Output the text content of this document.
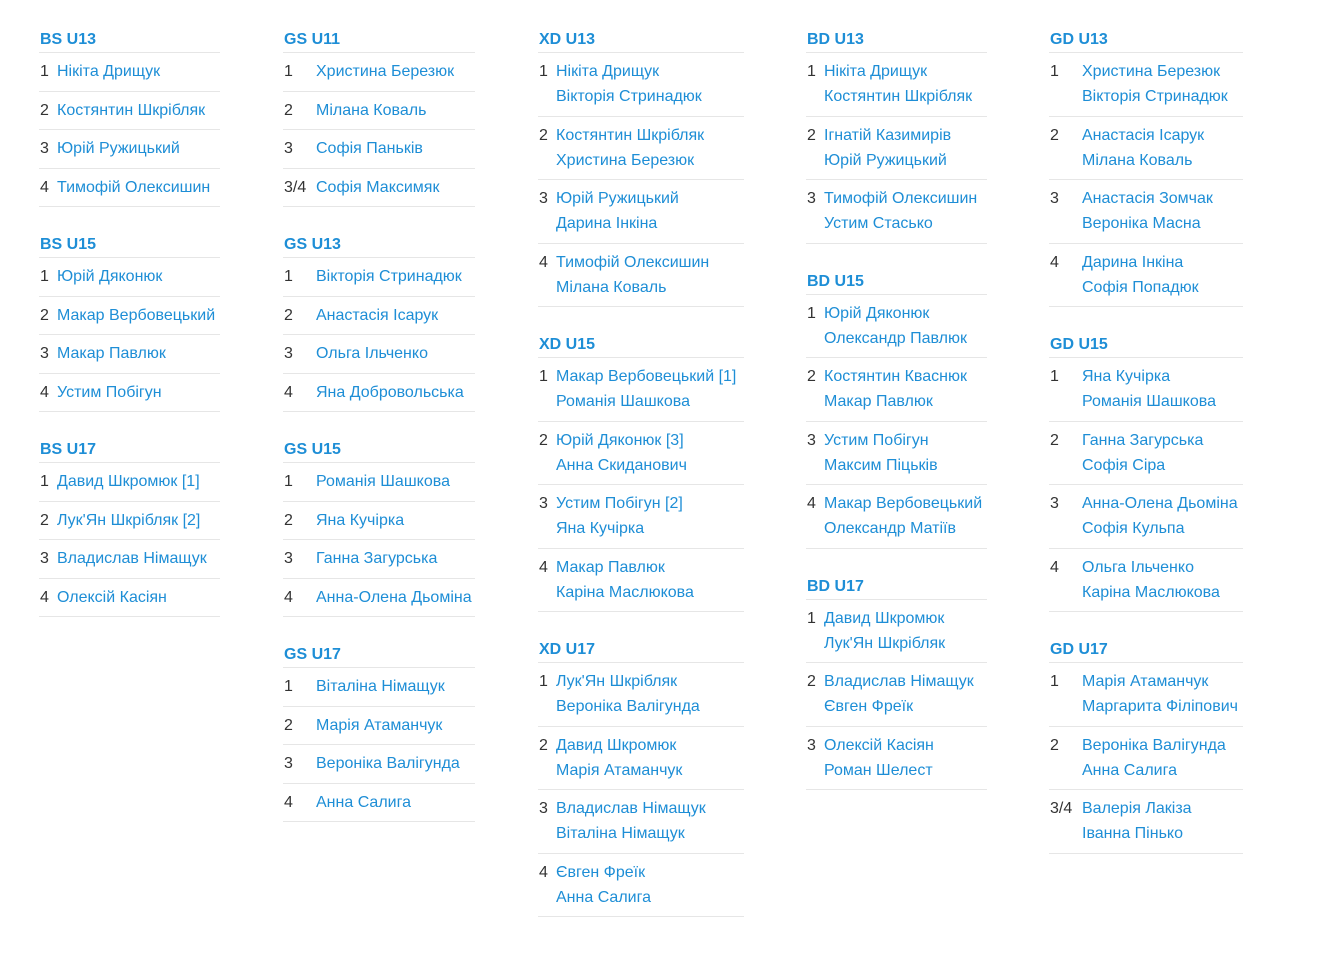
BS U13
1 Нікіта Дрищук
2 Костянтин Шкрібляк
3 Юрій Ружицький
4 Тимофій Олексишин
BS U15
1 Юрій Дяконюк
2 Макар Вербовецький
3 Макар Павлюк
4 Устим Побігун
BS U17
1 Давид Шкромюк [1]
2 Лук'Ян Шкрібляк [2]
3 Владислав Німащук
4 Олексій Касіян
GS U11
1	Христина Березюк
2	Мілана Коваль
3	Софія Паньків
3/4 Софія Максимяк
GS U13
1	Вікторія Стринадюк
2	Анастасія Ісарук
3	Ольга Ільченко
4	Яна Добровольська
GS U15
1	Романія Шашкова
2	Яна Кучірка
3	Ганна Загурська
4	Анна-Олена Дьоміна
GS U17
1	Віталіна Німащук
2	Марія Атаманчук
3	Вероніка Валігунда
4	Анна Салига
XD U13
1 Нікіта Дрищук
Вікторія Стринадюк
2 Костянтин Шкрібляк
Христина Березюк
3 Юрій Ружицький
Дарина Інкіна
4 Тимофій Олексишин
Мілана Коваль
XD U15
1 Макар Вербовецький [1]
Романія Шашкова
2 Юрій Дяконюк [3]
Анна Скиданович
3 Устим Побігун [2]
Яна Кучірка
4 Макар Павлюк
Каріна Маслюкова
XD U17
1 Лук'Ян Шкрібляк
Вероніка Валігунда
2 Давид Шкромюк
Марія Атаманчук
3 Владислав Німащук
Віталіна Німащук
4 Євген Фреїк
Анна Салига
BD U13
1 Нікіта Дрищук
Костянтин Шкрібляк
2 Ігнатій Казимирів
Юрій Ружицький
3 Тимофій Олексишин
Устим Стасько
BD U15
1 Юрій Дяконюк
Олександр Павлюк
2 Костянтин Кваснюк
Макар Павлюк
3 Устим Побігун
Максим Піцьків
4 Макар Вербовецький
Олександр Матіїв
BD U17
1 Давид Шкромюк
Лук'Ян Шкрібляк
2 Владислав Німащук
Євген Фреїк
3 Олексій Касіян
Роман Шелест
GD U13
1	Христина Березюк
Вікторія Стринадюк
2	Анастасія Ісарук
Мілана Коваль
3	Анастасія Зомчак
Вероніка Масна
4	Дарина Інкіна
Софія Попадюк
GD U15
1	Яна Кучірка
Романія Шашкова
2	Ганна Загурська
Софія Сіра
3	Анна-Олена Дьоміна
Софія Кульпа
4	Ольга Ільченко
Каріна Маслюкова
GD U17
1	Марія Атаманчук
Маргарита Філіпович
2	Вероніка Валігунда
Анна Салига
3/4 Валерія Лакіза
Іванна Пінько
